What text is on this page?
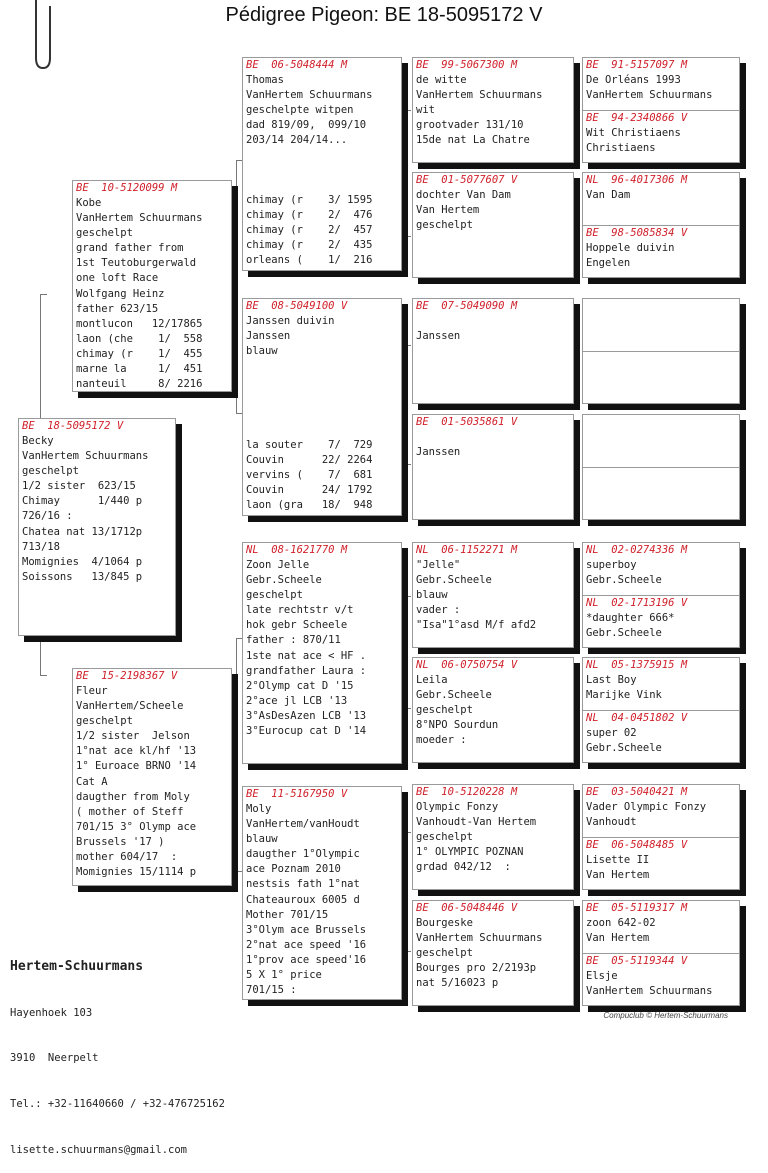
Pédigree Pigeon: BE 18-5095172 V
BE  18-5095172 V
Becky
VanHertem Schuurmans
geschelpt
1/2 sister  623/15
Chimay      1/440 p
726/16 :
Chatea nat 13/1712p
713/18
Momignies  4/1064 p
Soissons   13/845 p
BE  10-5120099 M
Kobe
VanHertem Schuurmans
geschelpt
grand father from
1st Teutoburgerwald
one loft Race
Wolfgang Heinz
father 623/15
montlucon   12/17865
laon (che    1/  558
chimay (r    1/  455
marne la     1/  451
nanteuil     8/ 2216
BE  15-2198367 V
Fleur
VanHertem/Scheele
geschelpt
1/2 sister  Jelson
1°nat ace kl/hf '13
1° Euroace BRNO '14
Cat A
daugther from Moly
( mother of Steff
701/15 3° Olymp ace
Brussels '17 )
mother 604/17  :
Momignies 15/1114 p
BE  06-5048444 M
Thomas
VanHertem Schuurmans
geschelpte witpen
dad 819/09,  099/10
203/14 204/14...
chimay (r    3/ 1595
chimay (r    2/  476
chimay (r    2/  457
chimay (r    2/  435
orleans (    1/  216
BE  08-5049100 V
Janssen duivin
Janssen
blauw
la souter    7/  729
Couvin      22/ 2264
vervins (    7/  681
Couvin      24/ 1792
laon (gra   18/  948
NL  08-1621770 M
Zoon Jelle
Gebr.Scheele
geschelpt
late rechtstr v/t
hok gebr Scheele
father : 870/11
1ste nat ace < HF .
grandfather Laura :
2°Olymp cat D '15
2°ace jl LCB '13
3°AsDesAzen LCB '13
3°Eurocup cat D '14
BE  11-5167950 V
Moly
VanHertem/vanHoudt
blauw
daugther 1°Olympic
ace Poznam 2010
nestsis fath 1°nat
Chateauroux 6005 d
Mother 701/15
3°Olym ace Brussels
2°nat ace speed '16
1°prov ace speed'16
5 X 1° price
701/15 :
BE  99-5067300 M
de witte
VanHertem Schuurmans
wit
grootvader 131/10
15de nat La Chatre
BE  01-5077607 V
dochter Van Dam
Van Hertem
geschelpt
BE  07-5049090 M

Janssen
BE  01-5035861 V

Janssen
NL  06-1152271 M
"Jelle"
Gebr.Scheele
blauw
vader :
"Isa"1°asd M/f afd2
NL  06-0750754 V
Leila
Gebr.Scheele
geschelpt
8°NPO Sourdun
moeder :
BE  10-5120228 M
Olympic Fonzy
Vanhoudt-Van Hertem
geschelpt
1° OLYMPIC POZNAN
grdad 042/12  :
BE  06-5048446 V
Bourgeske
VanHertem Schuurmans
geschelpt
Bourges pro 2/2193p
nat 5/16023 p
BE  91-5157097 M
De Orléans 1993
VanHertem Schuurmans
BE  94-2340866 V
Wit Christiaens
Christiaens
NL  96-4017306 M
Van Dam
BE  98-5085834 V
Hoppele duivin
Engelen

NL  02-0274336 M
superboy
Gebr.Scheele
NL  02-1713196 V
*daughter 666*
Gebr.Scheele
NL  05-1375915 M
Last Boy
Marijke Vink
NL  04-0451802 V
super 02
Gebr.Scheele
BE  03-5040421 M
Vader Olympic Fonzy
Vanhoudt
BE  06-5048485 V
Lisette II
Van Hertem
BE  05-5119317 M
zoon 642-02
Van Hertem
BE  05-5119344 V
Elsje
VanHertem Schuurmans

Hertem-Schuurmans

Hayenhoek 103

3910  Neerpelt

Tel.: +32-11640660 / +32-476725162

lisette.schuurmans@gmail.com

Compuclub © Hertem-Schuurmans
